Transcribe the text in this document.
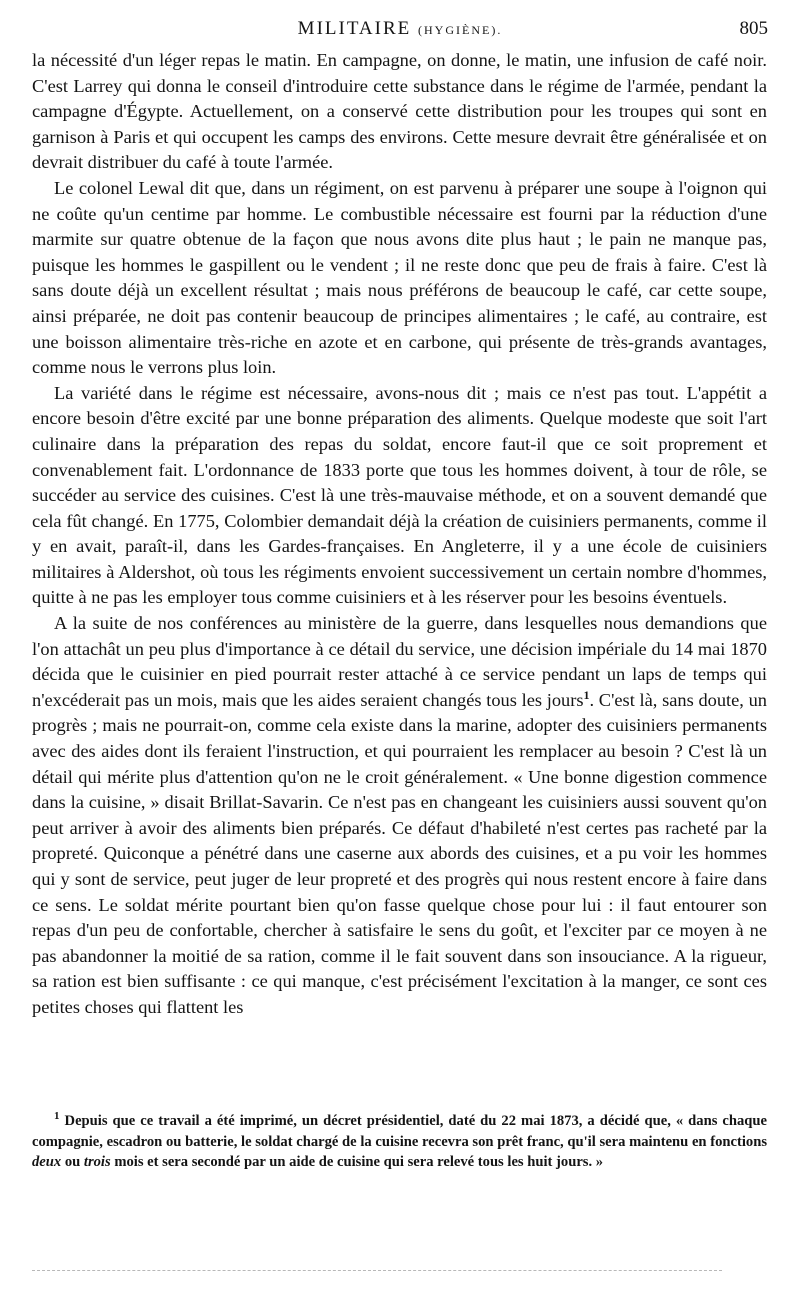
MILITAIRE (HYGIÈNE).	805

la nécessité d'un léger repas le matin. En campagne, on donne, le matin, une infusion de café noir. C'est Larrey qui donna le conseil d'introduire cette substance dans le régime de l'armée, pendant la campagne d'Égypte. Actuellement, on a conservé cette distribution pour les troupes qui sont en garnison à Paris et qui occupent les camps des environs. Cette mesure devrait être généralisée et on devrait distribuer du café à toute l'armée.

Le colonel Lewal dit que, dans un régiment, on est parvenu à préparer une soupe à l'oignon qui ne coûte qu'un centime par homme. Le combustible nécessaire est fourni par la réduction d'une marmite sur quatre obtenue de la façon que nous avons dite plus haut ; le pain ne manque pas, puisque les hommes le gaspillent ou le vendent ; il ne reste donc que peu de frais à faire. C'est là sans doute déjà un excellent résultat ; mais nous préférons de beaucoup le café, car cette soupe, ainsi préparée, ne doit pas contenir beaucoup de principes alimentaires ; le café, au contraire, est une boisson alimentaire très-riche en azote et en carbone, qui présente de très-grands avantages, comme nous le verrons plus loin.

La variété dans le régime est nécessaire, avons-nous dit ; mais ce n'est pas tout. L'appétit a encore besoin d'être excité par une bonne préparation des aliments. Quelque modeste que soit l'art culinaire dans la préparation des repas du soldat, encore faut-il que ce soit proprement et convenablement fait. L'ordonnance de 1833 porte que tous les hommes doivent, à tour de rôle, se succéder au service des cuisines. C'est là une très-mauvaise méthode, et on a souvent demandé que cela fût changé. En 1775, Colombier demandait déjà la création de cuisiniers permanents, comme il y en avait, paraît-il, dans les Gardes-françaises. En Angleterre, il y a une école de cuisiniers militaires à Aldershot, où tous les régiments envoient successivement un certain nombre d'hommes, quitte à ne pas les employer tous comme cuisiniers et à les réserver pour les besoins éventuels.

A la suite de nos conférences au ministère de la guerre, dans lesquelles nous demandions que l'on attachât un peu plus d'importance à ce détail du service, une décision impériale du 14 mai 1870 décida que le cuisinier en pied pourrait rester attaché à ce service pendant un laps de temps qui n'excéderait pas un mois, mais que les aides seraient changés tous les jours$^1$. C'est là, sans doute, un progrès ; mais ne pourrait-on, comme cela existe dans la marine, adopter des cuisiniers permanents avec des aides dont ils feraient l'instruction, et qui pourraient les remplacer au besoin ? C'est là un détail qui mérite plus d'attention qu'on ne le croit généralement. « Une bonne digestion commence dans la cuisine, » disait Brillat-Savarin. Ce n'est pas en changeant les cuisiniers aussi souvent qu'on peut arriver à avoir des aliments bien préparés. Ce défaut d'habileté n'est certes pas racheté par la propreté. Quiconque a pénétré dans une caserne aux abords des cuisines, et a pu voir les hommes qui y sont de service, peut juger de leur propreté et des progrès qui nous restent encore à faire dans ce sens. Le soldat mérite pourtant bien qu'on fasse quelque chose pour lui : il faut entourer son repas d'un peu de confortable, chercher à satisfaire le sens du goût, et l'exciter par ce moyen à ne pas abandonner la moitié de sa ration, comme il le fait souvent dans son insouciance. A la rigueur, sa ration est bien suffisante : ce qui manque, c'est précisément l'excitation à la manger, ce sont ces petites choses qui flattent les

$^1$ Depuis que ce travail a été imprimé, un décret présidentiel, daté du 22 mai 1873, a décidé que, « dans chaque compagnie, escadron ou batterie, le soldat chargé de la cuisine recevra son prêt franc, qu'il sera maintenu en fonctions deux ou trois mois et sera secondé par un aide de cuisine qui sera relevé tous les huit jours. »
